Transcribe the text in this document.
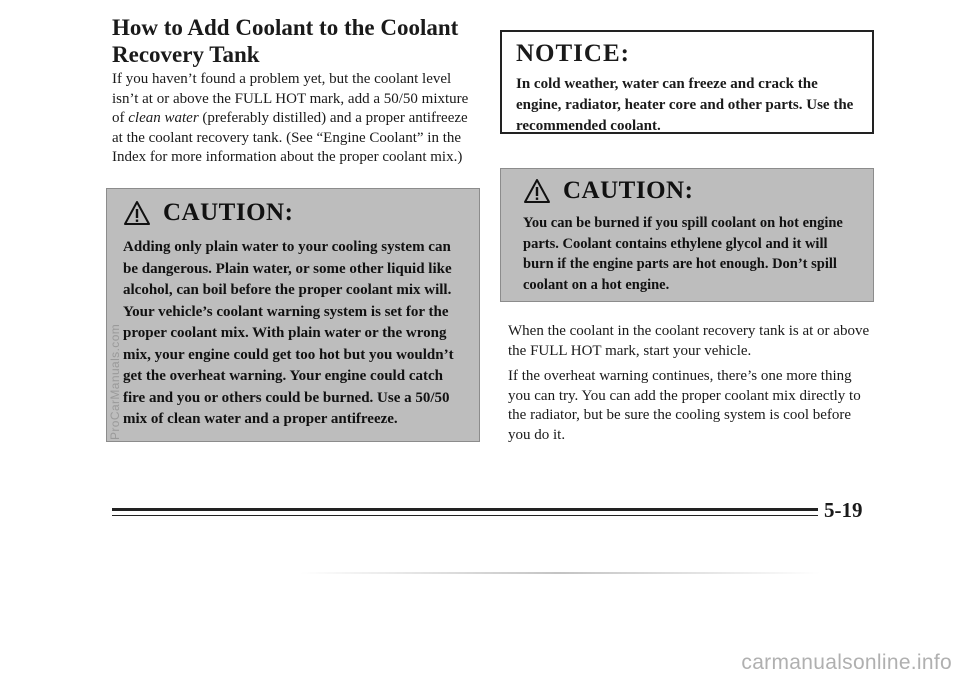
How to Add Coolant to the Coolant Recovery Tank

If you haven’t found a problem yet, but the coolant level isn’t at or above the FULL HOT mark, add a 50/50 mixture of clean water (preferably distilled) and a proper antifreeze at the coolant recovery tank. (See “Engine Coolant” in the Index for more information about the proper coolant mix.)

CAUTION:

Adding only plain water to your cooling system can be dangerous. Plain water, or some other liquid like alcohol, can boil before the proper coolant mix will. Your vehicle’s coolant warning system is set for the proper coolant mix. With plain water or the wrong mix, your engine could get too hot but you wouldn’t get the overheat warning. Your engine could catch fire and you or others could be burned. Use a 50/50 mix of clean water and a proper antifreeze.

NOTICE:

In cold weather, water can freeze and crack the engine, radiator, heater core and other parts. Use the recommended coolant.

CAUTION:

You can be burned if you spill coolant on hot engine parts. Coolant contains ethylene glycol and it will burn if the engine parts are hot enough. Don’t spill coolant on a hot engine.

When the coolant in the coolant recovery tank is at or above the FULL HOT mark, start your vehicle.

If the overheat warning continues, there’s one more thing you can try. You can add the proper coolant mix directly to the radiator, but be sure the cooling system is cool before you do it.

5-19
ProCarManuals.com
carmanualsonline.info
